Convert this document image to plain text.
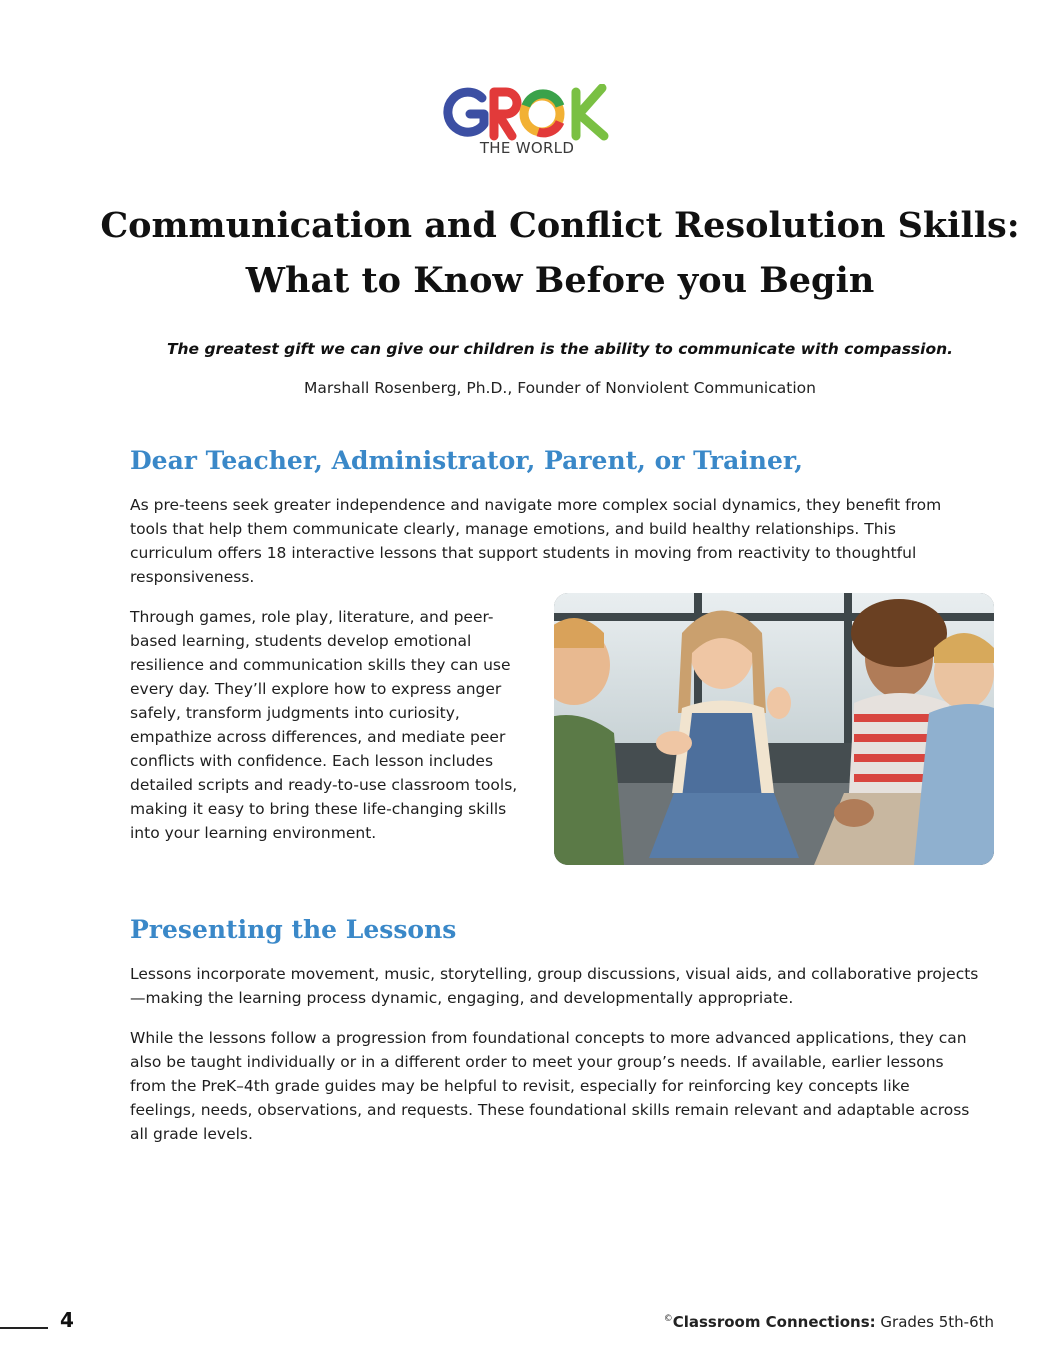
THE WORLD
Communication and Conflict Resolution Skills:
What to Know Before you Begin

The greatest gift we can give our children is the ability to communicate with compassion.

Marshall Rosenberg, Ph.D., Founder of Nonviolent Communication

Dear Teacher, Administrator, Parent, or Trainer,

As pre-teens seek greater independence and navigate more complex social dynamics, they benefit from tools that help them communicate clearly, manage emotions, and build healthy relationships. This curriculum offers 18 interactive lessons that support students in moving from reactivity to thoughtful responsiveness.

Through games, role play, literature, and peer-based learning, students develop emotional resilience and communication skills they can use every day. They’ll explore how to express anger safely, transform judgments into curiosity, empathize across differences, and mediate peer conflicts with confidence. Each lesson includes detailed scripts and ready-to-use classroom tools, making it easy to bring these life-changing skills into your learning environment.

Presenting the Lessons

Lessons incorporate movement, music, storytelling, group discussions, visual aids, and collaborative projects—making the learning process dynamic, engaging, and developmentally appropriate.

While the lessons follow a progression from foundational concepts to more advanced applications, they can also be taught individually or in a different order to meet your group’s needs. If available, earlier lessons from the PreK–4th grade guides may be helpful to revisit, especially for reinforcing key concepts like feelings, needs, observations, and requests. These foundational skills remain relevant and adaptable across all grade levels.

4	©Classroom Connections: Grades 5th-6th
